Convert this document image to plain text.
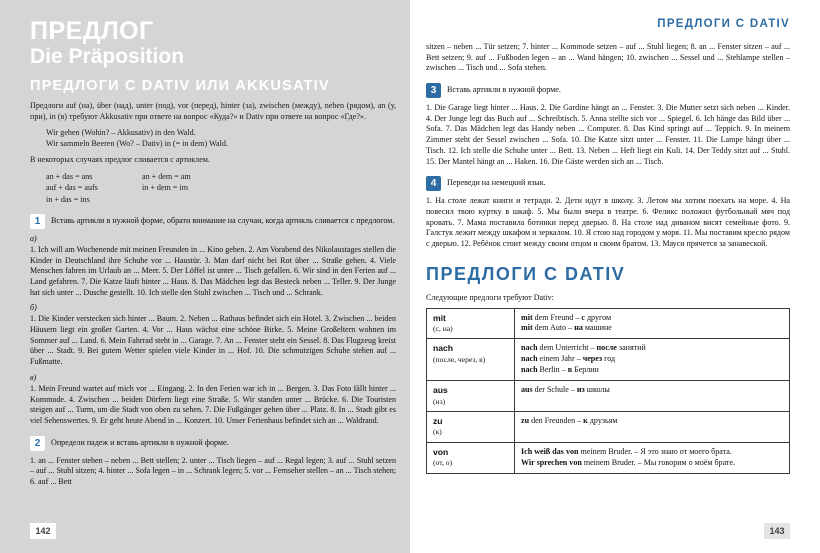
ПРЕДЛОГ
Die Präposition
ПРЕДЛОГИ С DATIV ИЛИ AKKUSATIV
Предлоги auf (на), über (над), unter (под), vor (перед), hinter (за), zwischen (между), neben (рядом), an (у, при), in (в) требуют Akkusativ при ответе на вопрос «Куда?» и Dativ при ответе на вопрос «Где?».
Wir gehen (Wohin? – Akkusativ) in den Wald.
Wir sammeln Beeren (Wo? – Dativ) in (= in dem) Wald.
В некоторых случаях предлог сливается с артиклем.
an + das = ans	an + dem = am
auf + das = aufs	in + dem = im
in + das = ins
1	Вставь артикли в нужной форме, обрати внимание на случаи, когда артикль сливается с предлогом.
а)
1. Ich will am Wochenende mit meinen Freunden in ... Kino gehen. 2. Am Vorabend des Nikolaustages stellen die Kinder in Deutschland ihre Schuhe vor ... Haustür. 3. Man darf nicht bei Rot über ... Straße gehen. 4. Viele Menschen fahren im Urlaub an ... Meer. 5. Der Löffel ist unter ... Tisch gefallen. 6. Wir sind in den Ferien auf ... Land gefahren. 7. Die Katze läuft hinter ... Haus. 8. Das Mädchen legt das Besteck neben ... Teller. 9. Der Junge hat sich unter ... Dusche gestellt. 10. Ich stelle den Stuhl zwischen ... Tisch und ... Schrank.
б)
1. Die Kinder verstecken sich hinter ... Baum. 2. Neben ... Rathaus befindet sich ein Hotel. 3. Zwischen ... beiden Häusern liegt ein großer Garten. 4. Vor ... Haus wächst eine schöne Birke. 5. Meine Großeltern wohnen im Sommer auf ... Land. 6. Mein Fahrrad steht in ... Garage. 7. An ... Fenster steht ein Sessel. 8. Das Flugzeug kreist über ... Stadt. 9. Bei gutem Wetter spielen viele Kinder in ... Hof. 10. Die schmutzigen Schuhe stehen auf ... Fußmatte.
в)
1. Mein Freund wartet auf mich vor ... Eingang. 2. In den Ferien war ich in ... Bergen. 3. Das Foto fällt hinter ... Kommode. 4. Zwischen ... beiden Dörfern liegt eine Straße. 5. Wir standen unter ... Brücke. 6. Die Touristen steigen auf ... Turm, um die Stadt von oben zu sehen. 7. Die Fußgänger gehen über ... Platz. 8. In ... Stadt gibt es viel Sehenswertes. 9. Er geht heute Abend in ... Konzert. 10. Unser Ferienhaus befindet sich an ... Waldrand.
2	Определи падеж и вставь артикли в нужной форме.
1. an ... Fenster stehen – neben ... Bett stellen; 2. unter ... Tisch liegen – auf ... Regal legen; 3. auf ... Stuhl setzen – auf ... Stuhl sitzen; 4. hinter ... Sofa legen – in ... Schrank legen; 5. vor ... Fernseher stellen – an ... Tisch stehen; 6. auf ... Bett
142
ПРЕДЛОГИ С DATIV
sitzen – neben ... Tür setzen; 7. hinter ... Kommode setzen – auf ... Stuhl liegen; 8. an ... Fenster sitzen – auf ... Bett setzen; 9. auf ... Fußboden legen – an ... Wand hängen; 10. zwischen ... Sessel und ... Stehlampe stellen – zwischen ... Tisch und ... Sofa stehen.
3	Вставь артикли в нужной форме.
1. Die Garage liegt hinter ... Haus. 2. Die Gardine hängt an ... Fenster. 3. Die Mutter setzt sich neben ... Kinder. 4. Der Junge legt das Buch auf ... Schreibtisch. 5. Anna stellte sich vor ... Spiegel. 6. Ich hänge das Bild über ... Sofa. 7. Das Mädchen legt das Handy neben ... Computer. 8. Das Kind springt auf ... Teppich. 9. In meinem Zimmer steht der Sessel zwischen ... Sofa. 10. Die Katze sitzt unter ... Fenster. 11. Die Lampe hängt über ... Tisch. 12. Ich stelle die Schuhe unter ... Bett. 13. Neben ... Heft liegt ein Kuli. 14. Der Teddy sitzt auf ... Stuhl. 15. Der Mantel hängt an ... Haken. 16. Die Gäste werden sich an ... Tisch.
4	Переведи на немецкий язык.
1. На столе лежат книги и тетради. 2. Дети идут в школу. 3. Летом мы хотим поехать на море. 4. На повесил твою куртку в шкаф. 5. Мы были вчера в театре. 6. Феликс положил футбольный мяч под кровать. 7. Мама поставила ботинки перед дверью. 8. На столе над диваном висят семейные фото. 9. Галстук лежит между шкафом и зеркалом. 10. Я стою над городом у моря. 11. Мы поставим кресло рядом с дверью. 12. Ребёнок стоит между своим отцом и своим братом. 13. Мауси прячется за занавеской.
ПРЕДЛОГИ С DATIV
Следующие предлоги требуют Dativ:
mit
(с, на)

mit dem Freund – с другом
mit dem Auto – на машине

nach
(после, через, в)

nach dem Unterricht – после занятий
nach einem Jahr – через год
nach Berlin – в Берлин

aus
(из)	aus der Schule – из школы

zu
(к)	zu den Freunden – к друзьям

von
(от, о)

Ich weiß das von meinem Bruder. – Я это знаю от моего брата.
Wir sprechen von meinem Bruder. – Мы говорим о моём брате.
143
